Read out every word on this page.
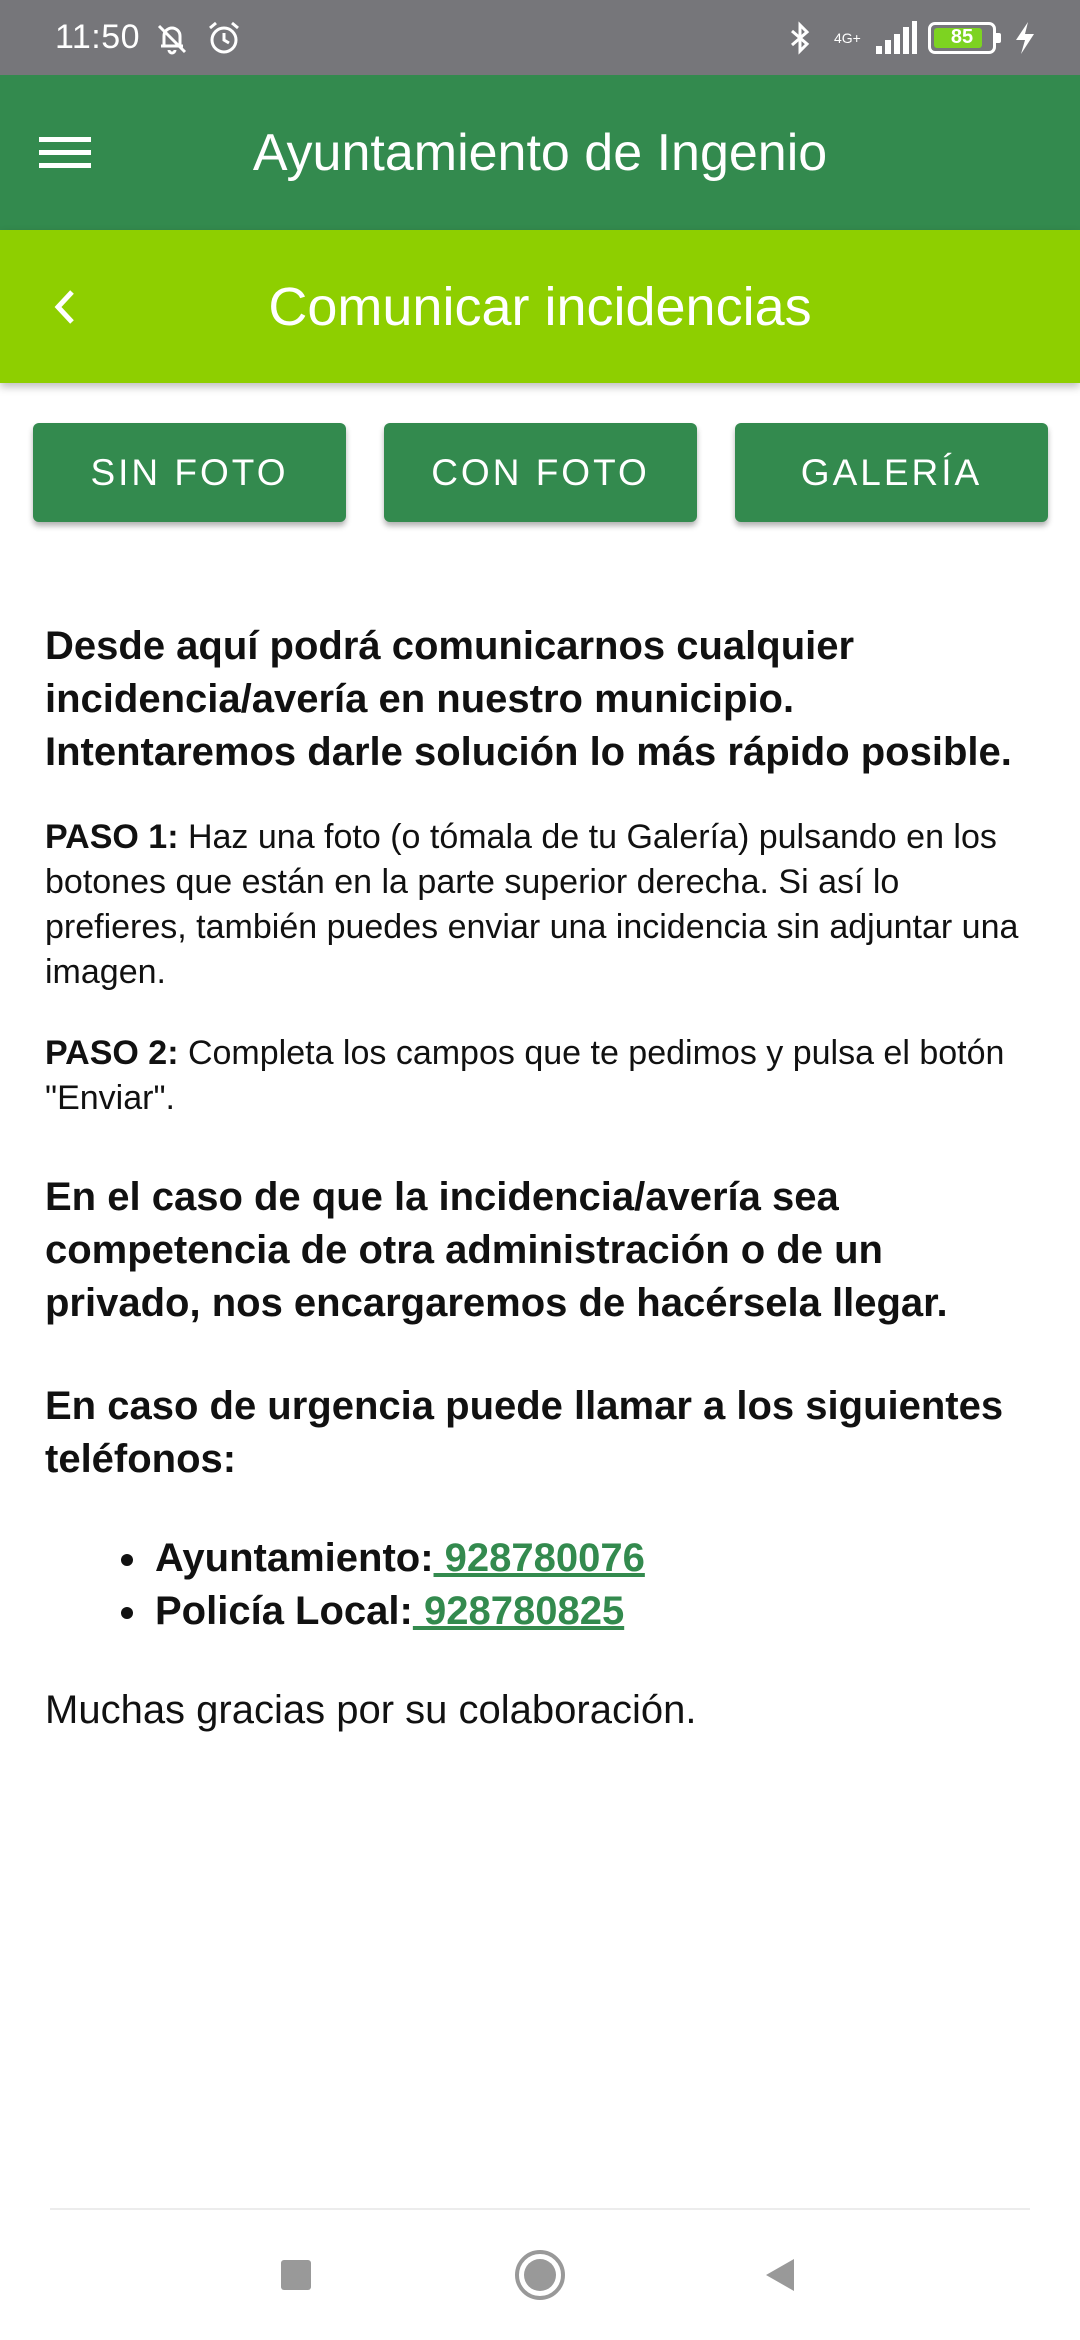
11:50	4G+	85
Ayuntamiento de Ingenio
Comunicar incidencias
SIN FOTO	CON FOTO	GALERÍA

Desde aquí podrá comunicarnos cualquier incidencia/avería en nuestro municipio. Intentaremos darle solución lo más rápido posible.

PASO 1: Haz una foto (o tómala de tu Galería) pulsando en los botones que están en la parte superior derecha. Si así lo prefieres, también puedes enviar una incidencia sin adjuntar una imagen.

PASO 2: Completa los campos que te pedimos y pulsa el botón "Enviar".

En el caso de que la incidencia/avería sea competencia de otra administración o de un privado, nos encargaremos de hacérsela llegar.

En caso de urgencia puede llamar a los siguientes teléfonos:

Ayuntamiento: 928780076
Policía Local: 928780825

Muchas gracias por su colaboración.
